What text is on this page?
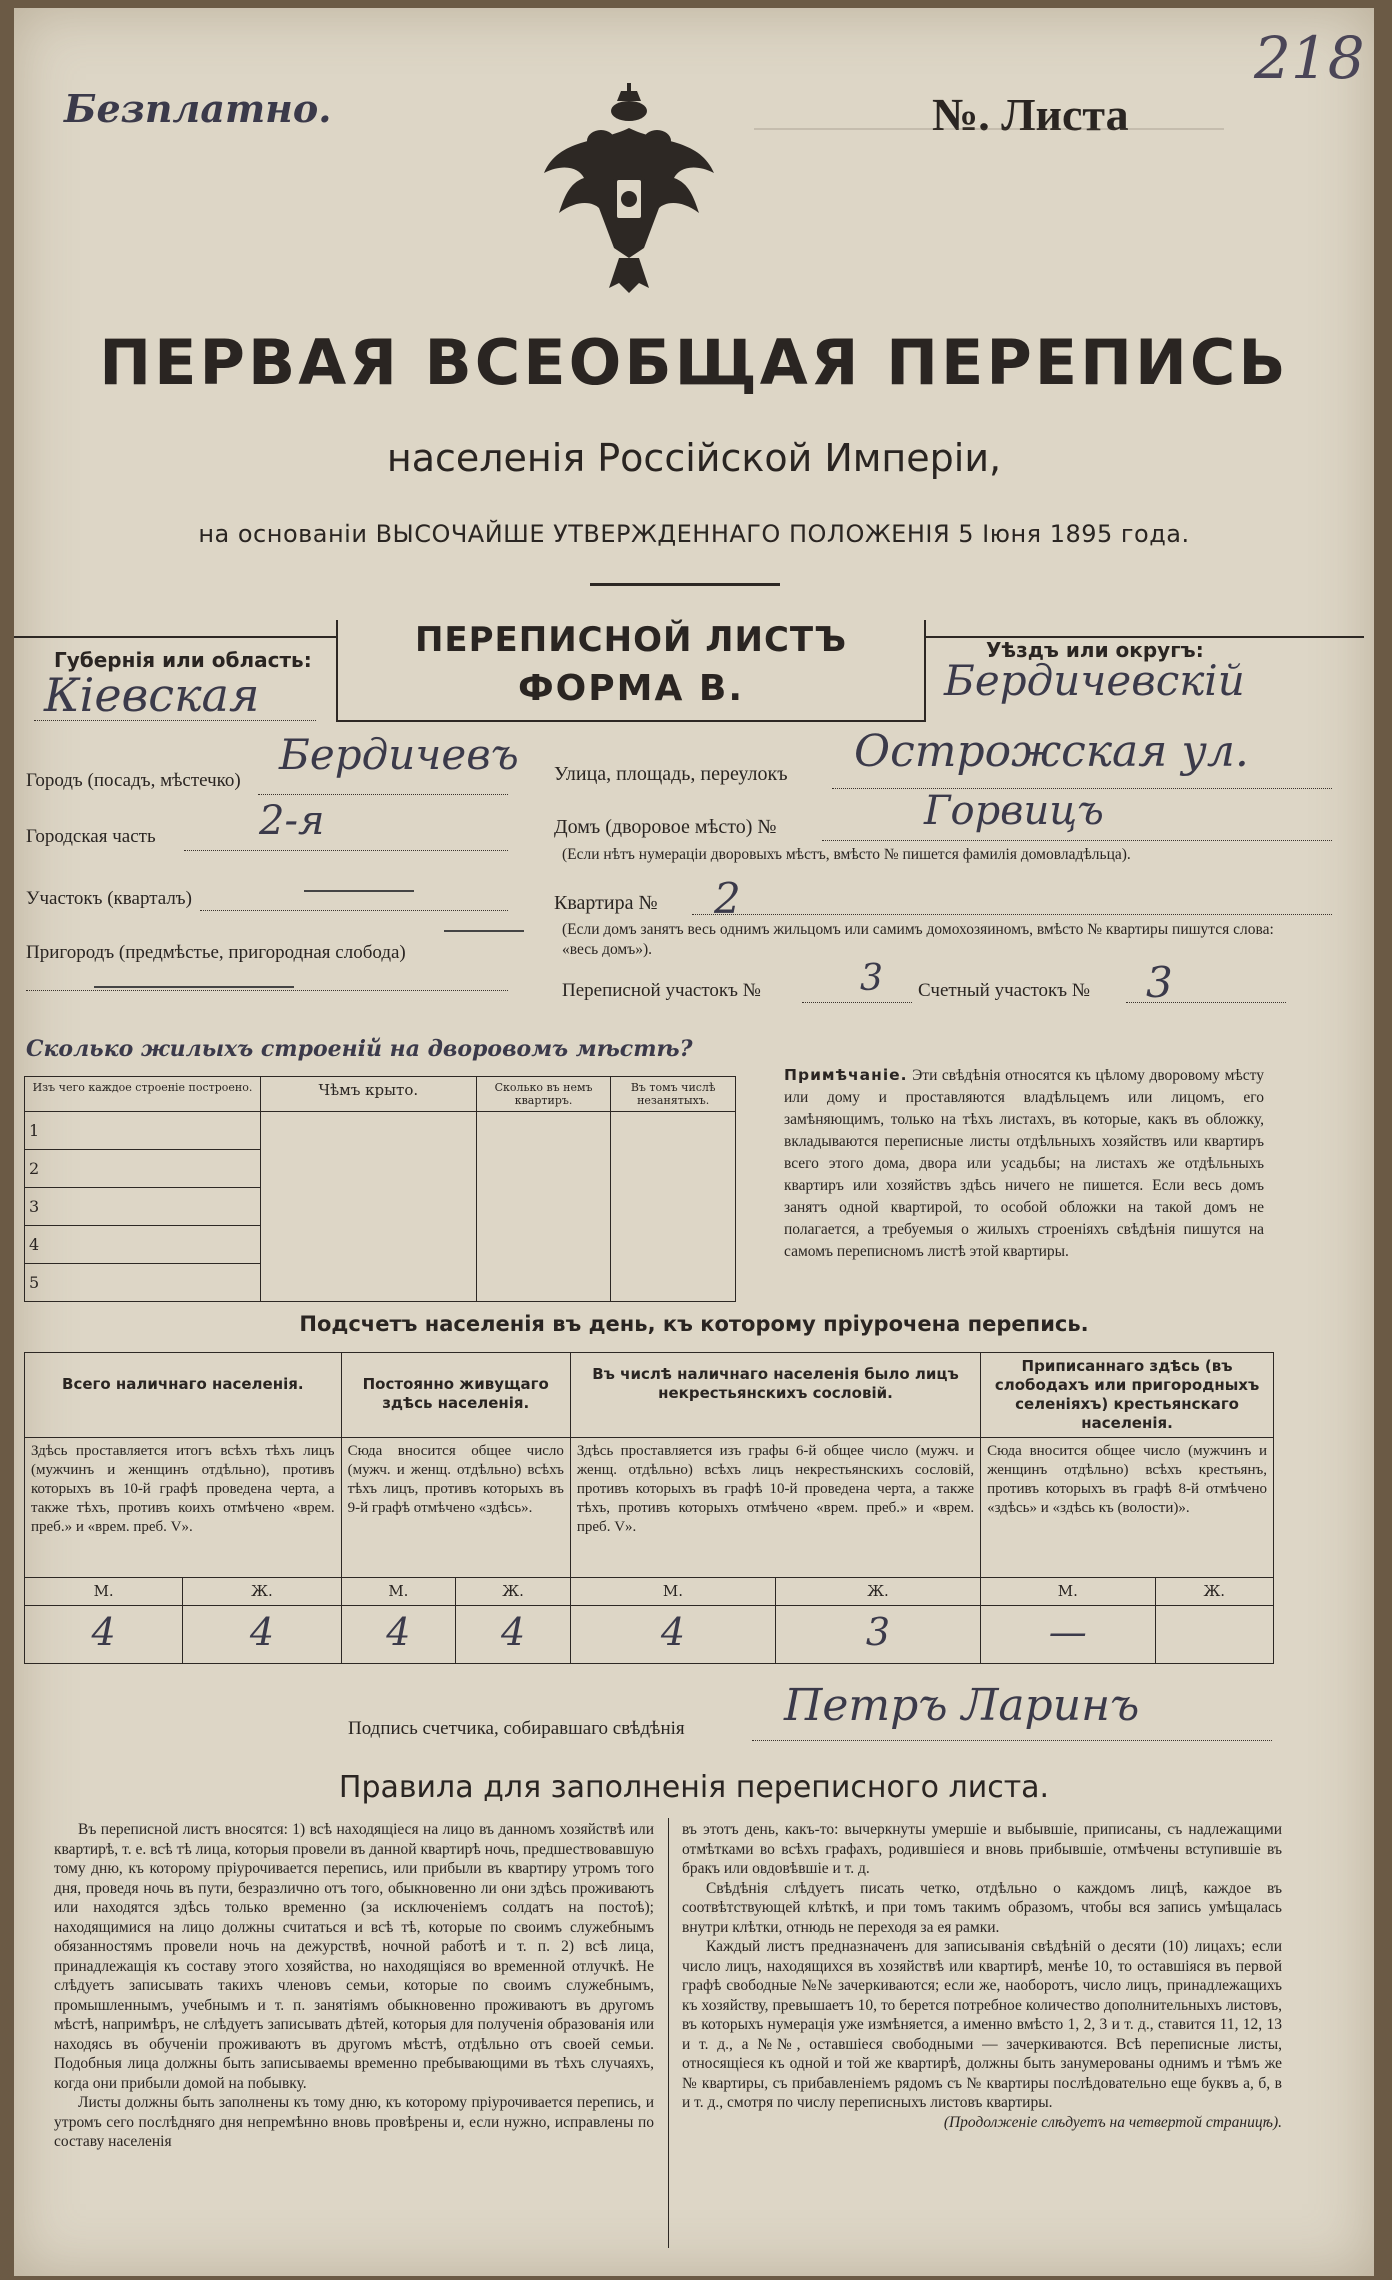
Безплатно.	№. Листа
218
ПЕРВАЯ ВСЕОБЩАЯ ПЕРЕПИСЬ
населенія Россійской Имперіи,
на основаніи ВЫСОЧАЙШЕ УТВЕРЖДЕННАГО ПОЛОЖЕНІЯ 5 Іюня 1895 года.
Губернія или область:
Кіевская
ПЕРЕПИСНОЙ ЛИСТЪ
ФОРМА В.
Уѣздъ или округъ:
Бердичевскій
Городъ (посадъ, мѣстечко)
Бердичевъ
Городская часть	2-я
Участокъ (кварталъ)
Пригородъ (предмѣстье, пригородная слобода)
Улица, площадь, переулокъ Острожская ул.
Домъ (дворовое мѣсто) №	Горвицъ
(Если нѣтъ нумераціи дворовыхъ мѣстъ, вмѣсто № пишется фамилія домовладѣльца).
Квартира № 2
(Если домъ занятъ весь однимъ жильцомъ или самимъ домохозяиномъ, вмѣсто № квартиры пишутся слова: «весь домъ»).
Переписной участокъ №	3 Счетный участокъ № 3
Сколько жилыхъ строеній на дворовомъ мѣстѣ?
Изъ чего каждое строеніе построено.	Чѣмъ крыто.	Сколько въ немъ квартиръ.	Въ томъ числѣ незанятыхъ.

1
2
3
4
5			

Примѣчаніе. Эти свѣдѣнія относятся къ цѣлому дворовому мѣсту или дому и проставляются владѣльцемъ или лицомъ, его замѣняющимъ, только на тѣхъ листахъ, въ которые, какъ въ обложку, вкладываются переписные листы отдѣльныхъ хозяйствъ или квартиръ всего этого дома, двора или усадьбы; на листахъ же отдѣльныхъ квартиръ или хозяйствъ здѣсь ничего не пишется. Если весь домъ занятъ одной квартирой, то особой обложки на такой домъ не полагается, а требуемыя о жилыхъ строеніяхъ свѣдѣнія пишутся на самомъ переписномъ листѣ этой квартиры.
Подсчетъ населенія въ день, къ которому пріурочена перепись.
Всего наличнаго населенія.		Постоянно живущаго здѣсь населенія.		Въ числѣ наличнаго населенія было лицъ некрестьянскихъ сословій.		Приписаннаго здѣсь (въ слободахъ или пригородныхъ селеніяхъ) крестьянскаго населенія.	
Здѣсь проставляется итогъ всѣхъ тѣхъ лицъ (мужчинъ и женщинъ отдѣльно), противъ которыхъ въ 10-й графѣ проведена черта, а также тѣхъ, противъ коихъ отмѣчено «врем. преб.» и «врем. преб. V».		Сюда вносится общее число (мужч. и женщ. отдѣльно) всѣхъ тѣхъ лицъ, противъ которыхъ въ 9-й графѣ отмѣчено «здѣсь».		Здѣсь проставляется изъ графы 6-й общее число (мужч. и женщ. отдѣльно) всѣхъ лицъ некрестьянскихъ сословій, противъ которыхъ въ графѣ 10-й проведена черта, а также тѣхъ, противъ которыхъ отмѣчено «врем. преб.» и «врем. преб. V».		Сюда вносится общее число (мужчинъ и женщинъ отдѣльно) всѣхъ крестьянъ, противъ которыхъ въ графѣ 8-й отмѣчено «здѣсь» и «здѣсь къ (волости)».	
М.	Ж.	М.	Ж.	М.	Ж.	М.	Ж.
4	4	4	4	4	3	—	
Подпись счетчика, собиравшаго свѣдѣнія Петръ Ларинъ
Правила для заполненія переписного листа.

Въ переписной листъ вносятся: 1) всѣ находящіеся на лицо въ данномъ хозяйствѣ или квартирѣ, т. е. всѣ тѣ лица, которыя провели въ данной квартирѣ ночь, предшествовавшую тому дню, къ которому пріурочивается перепись, или прибыли въ квартиру утромъ того дня, проведя ночь въ пути, безразлично отъ того, обыкновенно ли они здѣсь проживаютъ или находятся здѣсь только временно (за исключеніемъ солдатъ на постоѣ); находящимися на лицо должны считаться и всѣ тѣ, которые по своимъ служебнымъ обязанностямъ провели ночь на дежурствѣ, ночной работѣ и т. п. 2) всѣ лица, принадлежащія къ составу этого хозяйства, но находящіяся во временной отлучкѣ. Не слѣдуетъ записывать такихъ членовъ семьи, которые по своимъ служебнымъ, промышленнымъ, учебнымъ и т. п. занятіямъ обыкновенно проживаютъ въ другомъ мѣстѣ, напримѣръ, не слѣдуетъ записывать дѣтей, которыя для полученія образованія или находясь въ обученіи проживаютъ въ другомъ мѣстѣ, отдѣльно отъ своей семьи. Подобныя лица должны быть записываемы временно пребывающими въ тѣхъ случаяхъ, когда они прибыли домой на побывку.

Листы должны быть заполнены къ тому дню, къ которому пріурочивается перепись, и утромъ сего послѣдняго дня непремѣнно вновь провѣрены и, если нужно, исправлены по составу населенія

въ этотъ день, какъ-то: вычеркнуты умершіе и выбывшіе, приписаны, съ надлежащими отмѣтками во всѣхъ графахъ, родившіеся и вновь прибывшіе, отмѣчены вступившіе въ бракъ или овдовѣвшіе и т. д.

Свѣдѣнія слѣдуетъ писать четко, отдѣльно о каждомъ лицѣ, каждое въ соотвѣтствующей клѣткѣ, и при томъ такимъ образомъ, чтобы вся запись умѣщалась внутри клѣтки, отнюдь не переходя за ея рамки.

Каждый листъ предназначенъ для записыванія свѣдѣній о десяти (10) лицахъ; если число лицъ, находящихся въ хозяйствѣ или квартирѣ, менѣе 10, то оставшіяся въ первой графѣ свободные №№ зачеркиваются; если же, наоборотъ, число лицъ, принадлежащихъ къ хозяйству, превышаетъ 10, то берется потребное количество дополнительныхъ листовъ, въ которыхъ нумерація уже измѣняется, а именно вмѣсто 1, 2, 3 и т. д., ставится 11, 12, 13 и т. д., а №№, оставшіеся свободными — зачеркиваются. Всѣ переписные листы, относящіеся къ одной и той же квартирѣ, должны быть занумерованы однимъ и тѣмъ же № квартиры, съ прибавленіемъ рядомъ съ № квартиры послѣдовательно еще буквъ а, б, в и т. д., смотря по числу переписныхъ листовъ квартиры.

(Продолженіе слѣдуетъ на четвертой страницѣ).
